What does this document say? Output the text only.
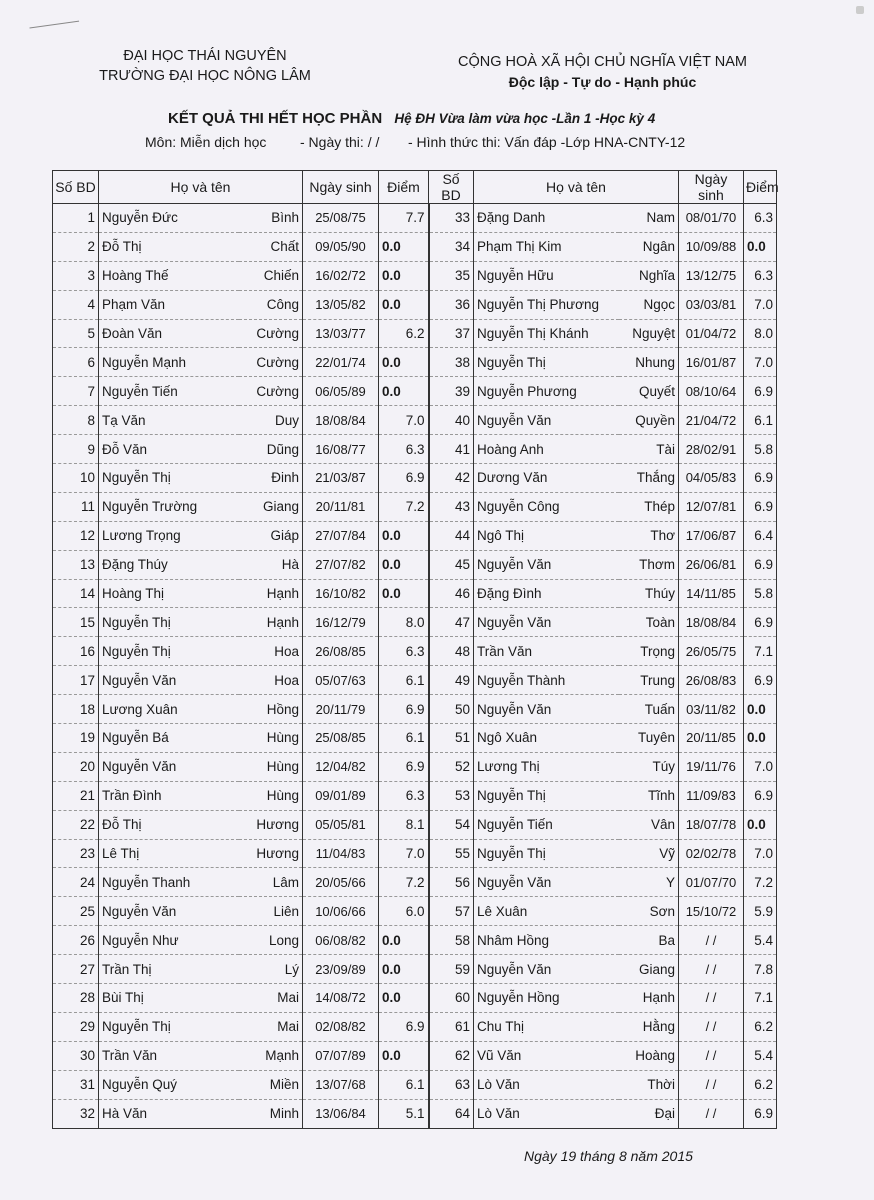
ĐẠI HỌC THÁI NGUYÊN
TRƯỜNG ĐẠI HỌC NÔNG LÂM
CỘNG HOÀ XÃ HỘI CHỦ NGHĨA VIỆT NAM
Độc lập - Tự do - Hạnh phúc
KẾT QUẢ THI HẾT HỌC PHẦN Hệ ĐH Vừa làm vừa học -Lần 1 -Học kỳ 4
Môn: Miễn dịch học - Ngày thi: / / - Hình thức thi: Vấn đáp -Lớp HNA-CNTY-12
Số BD	Họ và tên		Ngày sinh	Điểm	Số BD	Họ và tên		Ngày sinh	Điểm
1	Nguyễn Đức	Bình	25/08/75	7.7	33	Đặng Danh	Nam	08/01/70	6.3
2	Đỗ Thị	Chất	09/05/90	0.0	34	Phạm Thị Kim	Ngân	10/09/88	0.0
3	Hoàng Thế	Chiến	16/02/72	0.0	35	Nguyễn Hữu	Nghĩa	13/12/75	6.3
4	Phạm Văn	Công	13/05/82	0.0	36	Nguyễn Thị Phương	Ngọc	03/03/81	7.0
5	Đoàn Văn	Cường	13/03/77	6.2	37	Nguyễn Thị Khánh	Nguyệt	01/04/72	8.0
6	Nguyễn Mạnh	Cường	22/01/74	0.0	38	Nguyễn Thị	Nhung	16/01/87	7.0
7	Nguyễn Tiến	Cường	06/05/89	0.0	39	Nguyễn Phương	Quyết	08/10/64	6.9
8	Tạ Văn	Duy	18/08/84	7.0	40	Nguyễn Văn	Quyền	21/04/72	6.1
9	Đỗ Văn	Dũng	16/08/77	6.3	41	Hoàng Anh	Tài	28/02/91	5.8
10	Nguyễn Thị	Đinh	21/03/87	6.9	42	Dương Văn	Thắng	04/05/83	6.9
11	Nguyễn Trường	Giang	20/11/81	7.2	43	Nguyễn Công	Thép	12/07/81	6.9
12	Lương Trọng	Giáp	27/07/84	0.0	44	Ngô Thị	Thơ	17/06/87	6.4
13	Đặng Thúy	Hà	27/07/82	0.0	45	Nguyễn Văn	Thơm	26/06/81	6.9
14	Hoàng Thị	Hạnh	16/10/82	0.0	46	Đặng Đình	Thúy	14/11/85	5.8
15	Nguyễn Thị	Hạnh	16/12/79	8.0	47	Nguyễn Văn	Toàn	18/08/84	6.9
16	Nguyễn Thị	Hoa	26/08/85	6.3	48	Trần Văn	Trọng	26/05/75	7.1
17	Nguyễn Văn	Hoa	05/07/63	6.1	49	Nguyễn Thành	Trung	26/08/83	6.9
18	Lương Xuân	Hồng	20/11/79	6.9	50	Nguyễn Văn	Tuấn	03/11/82	0.0
19	Nguyễn Bá	Hùng	25/08/85	6.1	51	Ngô Xuân	Tuyên	20/11/85	0.0
20	Nguyễn Văn	Hùng	12/04/82	6.9	52	Lương Thị	Túy	19/11/76	7.0
21	Trần Đình	Hùng	09/01/89	6.3	53	Nguyễn Thị	Tĩnh	11/09/83	6.9
22	Đỗ Thị	Hương	05/05/81	8.1	54	Nguyễn Tiến	Vân	18/07/78	0.0
23	Lê Thị	Hương	11/04/83	7.0	55	Nguyễn Thị	Vỹ	02/02/78	7.0
24	Nguyễn Thanh	Lâm	20/05/66	7.2	56	Nguyễn Văn	Y	01/07/70	7.2
25	Nguyễn Văn	Liên	10/06/66	6.0	57	Lê Xuân	Sơn	15/10/72	5.9
26	Nguyễn Như	Long	06/08/82	0.0	58	Nhâm Hồng	Ba	/ /	5.4
27	Trần Thị	Lý	23/09/89	0.0	59	Nguyễn Văn	Giang	/ /	7.8
28	Bùi Thị	Mai	14/08/72	0.0	60	Nguyễn Hồng	Hạnh	/ /	7.1
29	Nguyễn Thị	Mai	02/08/82	6.9	61	Chu Thị	Hằng	/ /	6.2
30	Trần Văn	Mạnh	07/07/89	0.0	62	Vũ Văn	Hoàng	/ /	5.4
31	Nguyễn Quý	Miền	13/07/68	6.1	63	Lò Văn	Thời	/ /	6.2
32	Hà Văn	Minh	13/06/84	5.1	64	Lò Văn	Đại	/ /	6.9
Ngày 19 tháng 8 năm 2015
